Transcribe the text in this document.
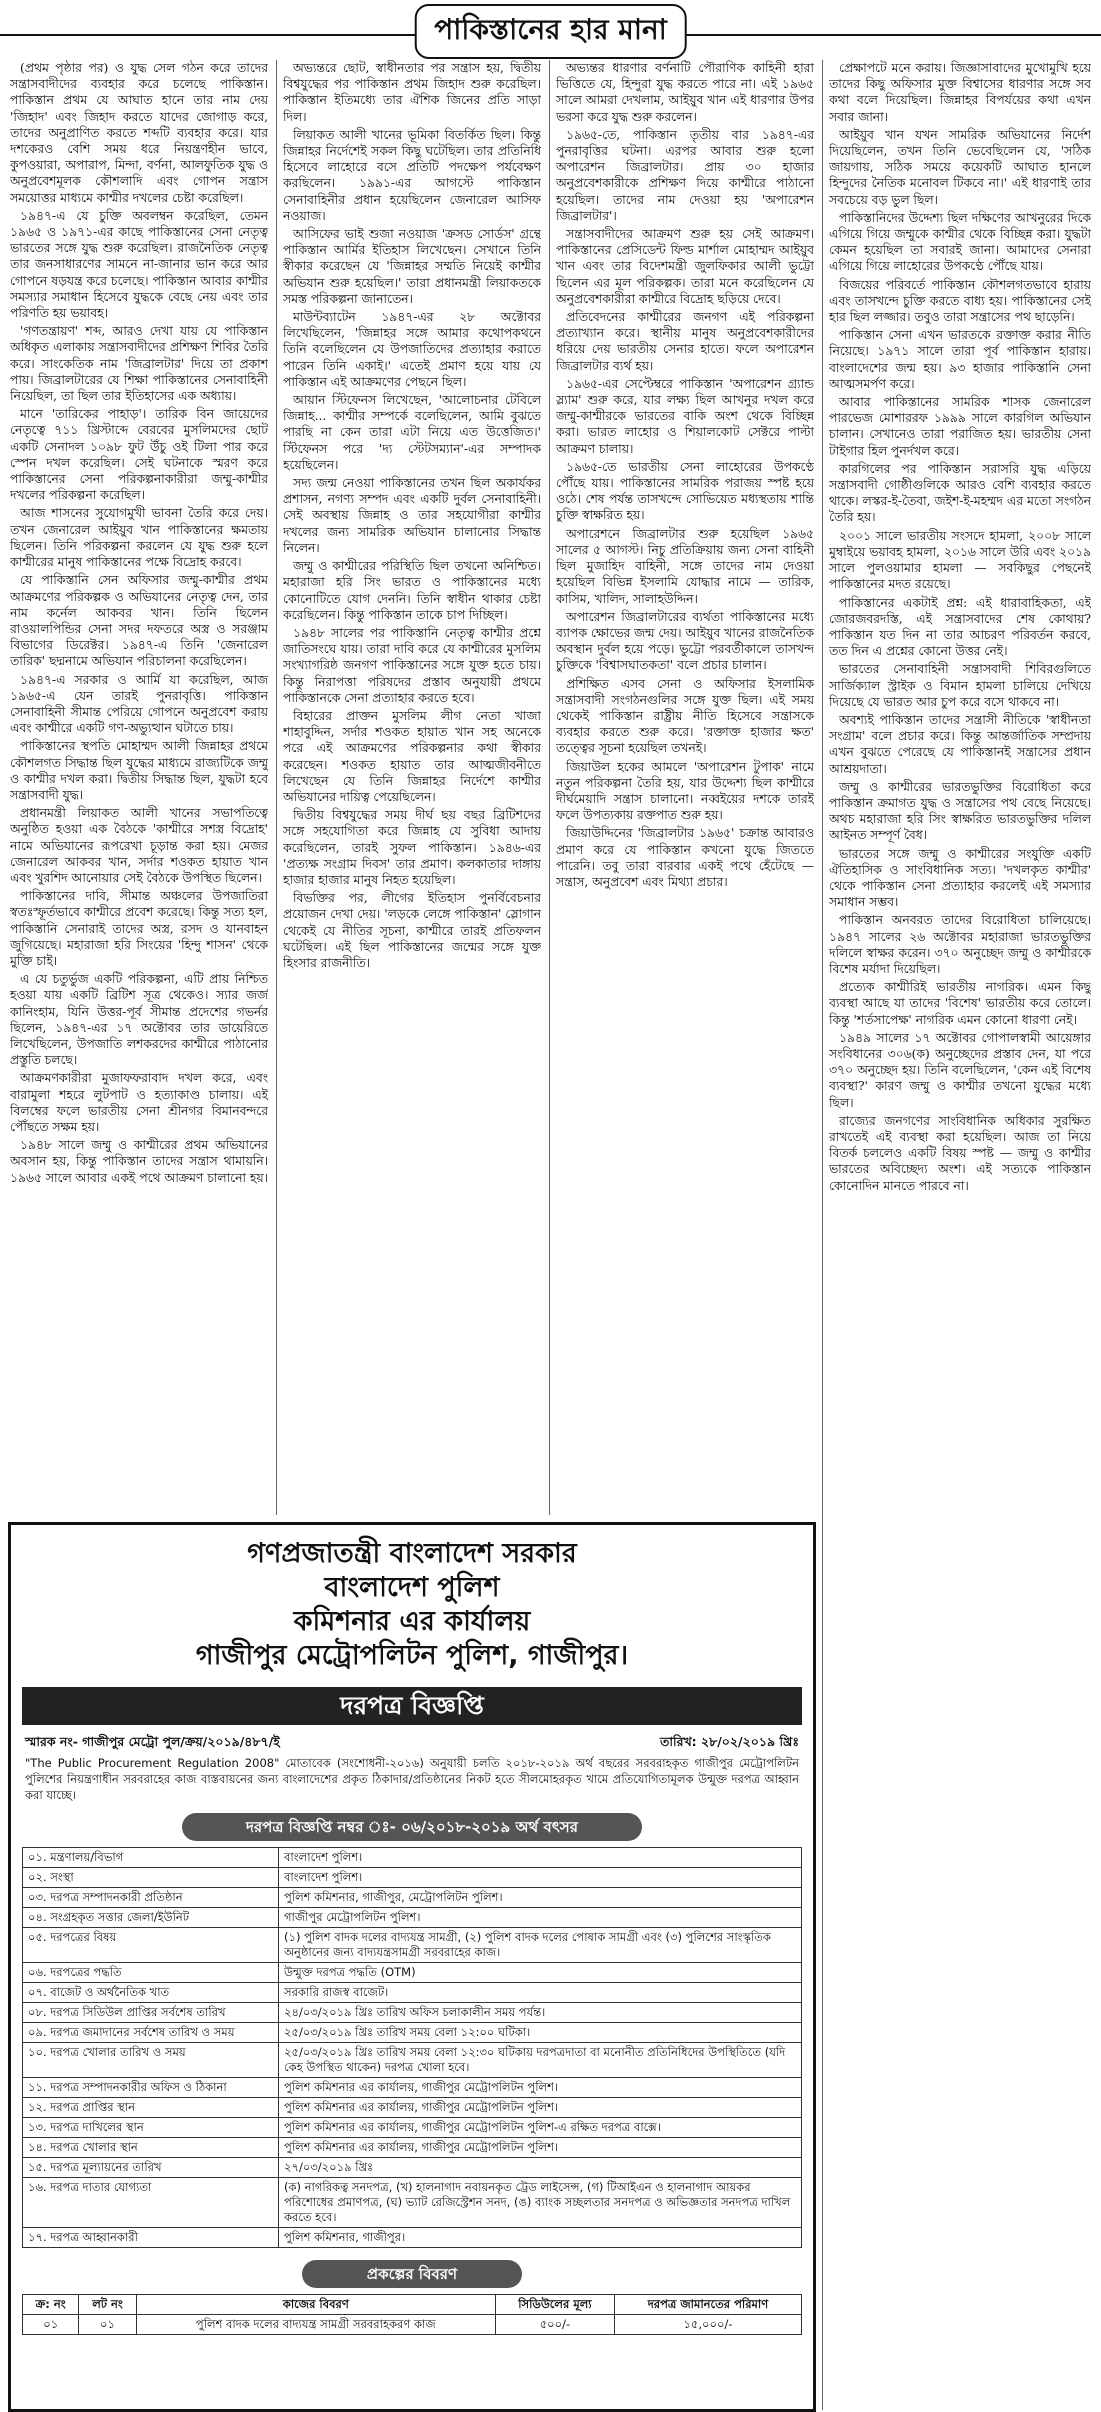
পাকিস্তানের হার মানা

(প্রথম পৃষ্ঠার পর) ও যুদ্ধ সেল গঠন করে তাদের সন্ত্রাসবাদীদের ব্যবহার করে চলেছে পাকিস্তান। পাকিস্তান প্রথম যে আঘাত হানে তার নাম দেয় 'জিহাদ' এবং জিহাদ করতে যাদের জোগাড় করে, তাদের অনুপ্রাণিত করতে শব্দটি ব্যবহার করে। যার দশকেরও বেশি সময় ধরে নিয়ন্ত্রণহীন ভাবে, কুপওয়ারা, অপারাপ, মিন্দা, বর্ণনা, আলফুতিক যুদ্ধ ও অনুপ্রবেশমূলক কৌশলাদি এবং গোপন সন্ত্রাস সময়োত্তর মাধ্যমে কাশ্মীর দখলের চেষ্টা করেছিল।

১৯৪৭-এ যে চুক্তি অবলম্বন করেছিল, তেমন ১৯৬৫ ও ১৯৭১-এর কাছে পাকিস্তানের সেনা নেতৃত্ব ভারতের সঙ্গে যুদ্ধ শুরু করেছিল। রাজনৈতিক নেতৃত্ব তার জনসাধারণের সামনে না-জানার ভান করে আর গোপনে ষড়যন্ত্র করে চলেছে। পাকিস্তান আবার কাশ্মীর সমস্যার সমাধান হিসেবে যুদ্ধকে বেছে নেয় এবং তার পরিণতি হয় ভয়াবহ।

'গণতন্ত্রায়ণ' শব্দ, আরও দেখা যায় যে পাকিস্তান অধিকৃত এলাকায় সন্ত্রাসবাদীদের প্রশিক্ষণ শিবির তৈরি করে। সাংকেতিক নাম 'জিব্রালটার' দিয়ে তা প্রকাশ পায়। জিব্রালটারের যে শিক্ষা পাকিস্তানের সেনাবাহিনী নিয়েছিল, তা ছিল তার ইতিহাসের এক অধ্যায়।

মানে 'তারিকের পাহাড়'। তারিক বিন জায়েদের নেতৃত্বে ৭১১ খ্রিস্টাব্দে বেরবের মুসলিমদের ছোট একটি সেনাদল ১০৯৮ ফুট উঁচু ওই টিলা পার করে স্পেন দখল করেছিল। সেই ঘটনাকে স্মরণ করে পাকিস্তানের সেনা পরিকল্পনাকারীরা জম্মু-কাশ্মীর দখলের পরিকল্পনা করেছিল।

আজ শাসনের সুযোগমুখী ভাবনা তৈরি করে দেয়। তখন জেনারেল আইয়ুব খান পাকিস্তানের ক্ষমতায় ছিলেন। তিনি পরিকল্পনা করলেন যে যুদ্ধ শুরু হলে কাশ্মীরের মানুষ পাকিস্তানের পক্ষে বিদ্রোহ করবে।

যে পাকিস্তানি সেন অফিসার জম্মু-কাশ্মীর প্রথম আক্রমণের পরিকল্পক ও অভিযানের নেতৃত্ব দেন, তার নাম কর্নেল আকবর খান। তিনি ছিলেন রাওয়ালপিন্ডির সেনা সদর দফতরে অস্ত্র ও সরঞ্জাম বিভাগের ডিরেক্টর। ১৯৪৭-এ তিনি 'জেনারেল তারিক' ছদ্মনামে অভিযান পরিচালনা করেছিলেন।

১৯৪৭-এ সরকার ও আর্মি যা করেছিল, আজ ১৯৬৫-এ যেন তারই পুনরাবৃত্তি। পাকিস্তান সেনাবাহিনী সীমান্ত পেরিয়ে গোপনে অনুপ্রবেশ করায় এবং কাশ্মীরে একটি গণ-অভ্যুত্থান ঘটাতে চায়।

পাকিস্তানের স্থপতি মোহাম্মদ আলী জিন্নাহর প্রথমে কৌশলগত সিদ্ধান্ত ছিল যুদ্ধের মাধ্যমে রাজ্যটিকে জম্মু ও কাশ্মীর দখল করা। দ্বিতীয় সিদ্ধান্ত ছিল, যুদ্ধটা হবে সন্ত্রাসবাদী যুদ্ধ।

প্রধানমন্ত্রী লিয়াকত আলী খানের সভাপতিত্বে অনুষ্ঠিত হওয়া এক বৈঠকে 'কাশ্মীরে সশস্ত্র বিদ্রোহ' নামে অভিযানের রূপরেখা চূড়ান্ত করা হয়। মেজর জেনারেল আকবর খান, সর্দার শওকত হায়াত খান এবং খুরশিদ আনোয়ার সেই বৈঠকে উপস্থিত ছিলেন।

পাকিস্তানের দাবি, সীমান্ত অঞ্চলের উপজাতিরা স্বতঃস্ফূর্তভাবে কাশ্মীরে প্রবেশ করেছে। কিন্তু সত্য হল, পাকিস্তানি সেনারাই তাদের অস্ত্র, রসদ ও যানবাহন জুগিয়েছে। মহারাজা হরি সিংয়ের 'হিন্দু শাসন' থেকে মুক্তি চাই।

এ যে চতুর্ভুজ একটি পরিকল্পনা, এটি প্রায় নিশ্চিত হওয়া যায় একটি ব্রিটিশ সূত্র থেকেও। স্যার জর্জ কানিংহাম, যিনি উত্তর-পূর্ব সীমান্ত প্রদেশের গভর্নর ছিলেন, ১৯৪৭-এর ১৭ অক্টোবর তার ডায়েরিতে লিখেছিলেন, উপজাতি লশকরদের কাশ্মীরে পাঠানোর প্রস্তুতি চলছে।

আক্রমণকারীরা মুজাফফরাবাদ দখল করে, এবং বারামুলা শহরে লুটপাট ও হত্যাকাণ্ড চালায়। এই বিলম্বের ফলে ভারতীয় সেনা শ্রীনগর বিমানবন্দরে পৌঁছতে সক্ষম হয়।

১৯৪৮ সালে জম্মু ও কাশ্মীরের প্রথম অভিযানের অবসান হয়, কিন্তু পাকিস্তান তাদের সন্ত্রাস থামায়নি। ১৯৬৫ সালে আবার একই পথে আক্রমণ চালানো হয়।

অভ্যন্তরে ছোট, স্বাধীনতার পর সন্ত্রাস হয়, দ্বিতীয় বিশ্বযুদ্ধের পর পাকিস্তান প্রথম জিহাদ শুরু করেছিল। পাকিস্তান ইতিমধ্যে তার ঐশিক জিনের প্রতি সাড়া দিল।

লিয়াকত আলী খানের ভূমিকা বিতর্কিত ছিল। কিন্তু জিন্নাহর নির্দেশেই সকল কিছু ঘটেছিল। তার প্রতিনিধি হিসেবে লাহোরে বসে প্রতিটি পদক্ষেপ পর্যবেক্ষণ করছিলেন। ১৯৯১-এর আগস্টে পাকিস্তান সেনাবাহিনীর প্রধান হয়েছিলেন জেনারেল আসিফ নওয়াজ।

আসিফের ভাই শুজা নওয়াজ 'ক্রসড সোর্ডস' গ্রন্থে পাকিস্তান আর্মির ইতিহাস লিখেছেন। সেখানে তিনি স্বীকার করেছেন যে 'জিন্নাহর সম্মতি নিয়েই কাশ্মীর অভিযান শুরু হয়েছিল।' তারা প্রধানমন্ত্রী লিয়াকতকে সমস্ত পরিকল্পনা জানাতেন।

মাউন্টব্যাটেন ১৯৪৭-এর ২৮ অক্টোবর লিখেছিলেন, 'জিন্নাহর সঙ্গে আমার কথোপকথনে তিনি বলেছিলেন যে উপজাতিদের প্রত্যাহার করাতে পারেন তিনি একাই।' এতেই প্রমাণ হয়ে যায় যে পাকিস্তান এই আক্রমণের পেছনে ছিল।

আয়ান স্টিফেনস লিখেছেন, 'আলোচনার টেবিলে জিন্নাহ... কাশ্মীর সম্পর্কে বলেছিলেন, আমি বুঝতে পারছি না কেন তারা এটা নিয়ে এত উত্তেজিত।' স্টিফেনস পরে 'দ্য স্টেটসম্যান'-এর সম্পাদক হয়েছিলেন।

সদ্য জন্ম নেওয়া পাকিস্তানের তখন ছিল অকার্যকর প্রশাসন, নগণ্য সম্পদ এবং একটি দুর্বল সেনাবাহিনী। সেই অবস্থায় জিন্নাহ ও তার সহযোগীরা কাশ্মীর দখলের জন্য সামরিক অভিযান চালানোর সিদ্ধান্ত নিলেন।

জম্মু ও কাশ্মীরের পরিস্থিতি ছিল তখনো অনিশ্চিত। মহারাজা হরি সিং ভারত ও পাকিস্তানের মধ্যে কোনোটিতে যোগ দেননি। তিনি স্বাধীন থাকার চেষ্টা করেছিলেন। কিন্তু পাকিস্তান তাকে চাপ দিচ্ছিল।

১৯৪৮ সালের পর পাকিস্তানি নেতৃত্ব কাশ্মীর প্রশ্নে জাতিসংঘে যায়। তারা দাবি করে যে কাশ্মীরের মুসলিম সংখ্যাগরিষ্ঠ জনগণ পাকিস্তানের সঙ্গে যুক্ত হতে চায়। কিন্তু নিরাপত্তা পরিষদের প্রস্তাব অনুযায়ী প্রথমে পাকিস্তানকে সেনা প্রত্যাহার করতে হবে।

বিহারের প্রাক্তন মুসলিম লীগ নেতা খাজা শাহাবুদ্দিন, সর্দার শওকত হায়াত খান সহ অনেকে পরে এই আক্রমণের পরিকল্পনার কথা স্বীকার করেছেন। শওকত হায়াত তার আত্মজীবনীতে লিখেছেন যে তিনি জিন্নাহর নির্দেশে কাশ্মীর অভিযানের দায়িত্ব পেয়েছিলেন।

দ্বিতীয় বিশ্বযুদ্ধের সময় দীর্ঘ ছয় বছর ব্রিটিশদের সঙ্গে সহযোগিতা করে জিন্নাহ যে সুবিধা আদায় করেছিলেন, তারই সুফল পাকিস্তান। ১৯৪৬-এর 'প্রত্যক্ষ সংগ্রাম দিবস' তার প্রমাণ। কলকাতার দাঙ্গায় হাজার হাজার মানুষ নিহত হয়েছিল।

বিভক্তির পর, লীগের ইতিহাস পুনর্বিবেচনার প্রয়োজন দেখা দেয়। 'লড়কে লেঙ্গে পাকিস্তান' স্লোগান থেকেই যে নীতির সূচনা, কাশ্মীরে তারই প্রতিফলন ঘটেছিল। এই ছিল পাকিস্তানের জন্মের সঙ্গে যুক্ত হিংসার রাজনীতি।

অভ্যন্তর ধারণার বর্ণনাটি পৌরাণিক কাহিনী হারা ভিত্তিতে যে, হিন্দুরা যুদ্ধ করতে পারে না। এই ১৯৬৫ সালে আমরা দেখলাম, আইয়ুব খান এই ধারণার উপর ভরসা করে যুদ্ধ শুরু করলেন।

১৯৬৫-তে, পাকিস্তান তৃতীয় বার ১৯৪৭-এর পুনরাবৃত্তির ঘটনা। এরপর আবার শুরু হলো অপারেশন জিব্রালটার। প্রায় ৩০ হাজার অনুপ্রবেশকারীকে প্রশিক্ষণ দিয়ে কাশ্মীরে পাঠানো হয়েছিল। তাদের নাম দেওয়া হয় 'অপারেশন জিব্রালটার'।

সন্ত্রাসবাদীদের আক্রমণ শুরু হয় সেই আক্রমণ। পাকিস্তানের প্রেসিডেন্ট ফিল্ড মার্শাল মোহাম্মদ আইয়ুব খান এবং তার বিদেশমন্ত্রী জুলফিকার আলী ভুট্টো ছিলেন এর মূল পরিকল্পক। তারা মনে করেছিলেন যে অনুপ্রবেশকারীরা কাশ্মীরে বিদ্রোহ ছড়িয়ে দেবে।

প্রতিবেদনের কাশ্মীরের জনগণ এই পরিকল্পনা প্রত্যাখ্যান করে। স্থানীয় মানুষ অনুপ্রবেশকারীদের ধরিয়ে দেয় ভারতীয় সেনার হাতে। ফলে অপারেশন জিব্রালটার ব্যর্থ হয়।

১৯৬৫-এর সেপ্টেম্বরে পাকিস্তান 'অপারেশন গ্র্যান্ড স্ল্যাম' শুরু করে, যার লক্ষ্য ছিল আখনুর দখল করে জম্মু-কাশ্মীরকে ভারতের বাকি অংশ থেকে বিচ্ছিন্ন করা। ভারত লাহোর ও শিয়ালকোট সেক্টরে পাল্টা আক্রমণ চালায়।

১৯৬৫-তে ভারতীয় সেনা লাহোরের উপকণ্ঠে পৌঁছে যায়। পাকিস্তানের সামরিক পরাজয় স্পষ্ট হয়ে ওঠে। শেষ পর্যন্ত তাসখন্দে সোভিয়েত মধ্যস্থতায় শান্তি চুক্তি স্বাক্ষরিত হয়।

অপারেশনে জিব্রালটার শুরু হয়েছিল ১৯৬৫ সালের ৫ আগস্ট। নিচু প্রতিক্রিয়ায় জন্য সেনা বাহিনী ছিল মুজাহিদ বাহিনী, সঙ্গে তাদের নাম দেওয়া হয়েছিল বিভিন্ন ইসলামি যোদ্ধার নামে — তারিক, কাসিম, খালিদ, সালাহউদ্দিন।

অপারেশন জিব্রালটারের ব্যর্থতা পাকিস্তানের মধ্যে ব্যাপক ক্ষোভের জন্ম দেয়। আইয়ুব খানের রাজনৈতিক অবস্থান দুর্বল হয়ে পড়ে। ভুট্টো পরবর্তীকালে তাসখন্দ চুক্তিকে 'বিশ্বাসঘাতকতা' বলে প্রচার চালান।

প্রশিক্ষিত এসব সেনা ও অফিসার ইসলামিক সন্ত্রাসবাদী সংগঠনগুলির সঙ্গে যুক্ত ছিল। এই সময় থেকেই পাকিস্তান রাষ্ট্রীয় নীতি হিসেবে সন্ত্রাসকে ব্যবহার করতে শুরু করে। 'রক্তাক্ত হাজার ক্ষত' তত্ত্বের সূচনা হয়েছিল তখনই।

জিয়াউল হকের আমলে 'অপারেশন টুপাক' নামে নতুন পরিকল্পনা তৈরি হয়, যার উদ্দেশ্য ছিল কাশ্মীরে দীর্ঘমেয়াদি সন্ত্রাস চালানো। নব্বইয়ের দশকে তারই ফলে উপত্যকায় রক্তপাত শুরু হয়।

জিয়াউদ্দিনের 'জিব্রালটার ১৯৬৫' চক্রান্ত আবারও প্রমাণ করে যে পাকিস্তান কখনো যুদ্ধে জিততে পারেনি। তবু তারা বারবার একই পথে হেঁটেছে — সন্ত্রাস, অনুপ্রবেশ এবং মিথ্যা প্রচার।

প্রেক্ষাপটে মনে করায়। জিজ্ঞাসাবাদের মুখোমুখি হয়ে তাদের কিছু অফিসার মুক্ত বিশ্বাসের ধারণার সঙ্গে সব কথা বলে দিয়েছিল। জিন্নাহর বিপর্যয়ের কথা এখন সবার জানা।

আইয়ুব খান যখন সামরিক অভিযানের নির্দেশ দিয়েছিলেন, তখন তিনি ভেবেছিলেন যে, 'সঠিক জায়গায়, সঠিক সময়ে কয়েকটি আঘাত হানলে হিন্দুদের নৈতিক মনোবল টিকবে না।' এই ধারণাই তার সবচেয়ে বড় ভুল ছিল।

পাকিস্তানিদের উদ্দেশ্য ছিল দক্ষিণের আখনুরের দিকে এগিয়ে গিয়ে জম্মুকে কাশ্মীর থেকে বিচ্ছিন্ন করা। যুদ্ধটা কেমন হয়েছিল তা সবারই জানা। আমাদের সেনারা এগিয়ে গিয়ে লাহোরের উপকণ্ঠে পৌঁছে যায়।

বিজয়ের পরিবর্তে পাকিস্তান কৌশলগতভাবে হারায় এবং তাসখন্দে চুক্তি করতে বাধ্য হয়। পাকিস্তানের সেই হার ছিল লজ্জার। তবুও তারা সন্ত্রাসের পথ ছাড়েনি।

পাকিস্তান সেনা এখন ভারতকে রক্তাক্ত করার নীতি নিয়েছে। ১৯৭১ সালে তারা পূর্ব পাকিস্তান হারায়। বাংলাদেশের জন্ম হয়। ৯৩ হাজার পাকিস্তানি সেনা আত্মসমর্পণ করে।

আবার পাকিস্তানের সামরিক শাসক জেনারেল পারভেজ মোশাররফ ১৯৯৯ সালে কারগিল অভিযান চালান। সেখানেও তারা পরাজিত হয়। ভারতীয় সেনা টাইগার হিল পুনর্দখল করে।

কারগিলের পর পাকিস্তান সরাসরি যুদ্ধ এড়িয়ে সন্ত্রাসবাদী গোষ্ঠীগুলিকে আরও বেশি ব্যবহার করতে থাকে। লস্কর-ই-তৈবা, জইশ-ই-মহম্মদ এর মতো সংগঠন তৈরি হয়।

২০০১ সালে ভারতীয় সংসদে হামলা, ২০০৮ সালে মুম্বাইয়ে ভয়াবহ হামলা, ২০১৬ সালে উরি এবং ২০১৯ সালে পুলওয়ামার হামলা — সবকিছুর পেছনেই পাকিস্তানের মদত রয়েছে।

পাকিস্তানের একটাই প্রশ্ন: এই ধারাবাহিকতা, এই জোরজবরদস্তি, এই সন্ত্রাসবাদের শেষ কোথায়? পাকিস্তান যত দিন না তার আচরণ পরিবর্তন করবে, তত দিন এ প্রশ্নের কোনো উত্তর নেই।

ভারতের সেনাবাহিনী সন্ত্রাসবাদী শিবিরগুলিতে সার্জিক্যাল স্ট্রাইক ও বিমান হামলা চালিয়ে দেখিয়ে দিয়েছে যে ভারত আর চুপ করে বসে থাকবে না।

অবশ্যই পাকিস্তান তাদের সন্ত্রাসী নীতিকে 'স্বাধীনতা সংগ্রাম' বলে প্রচার করে। কিন্তু আন্তর্জাতিক সম্প্রদায় এখন বুঝতে পেরেছে যে পাকিস্তানই সন্ত্রাসের প্রধান আশ্রয়দাতা।

জম্মু ও কাশ্মীরের ভারতভুক্তির বিরোধিতা করে পাকিস্তান ক্রমাগত যুদ্ধ ও সন্ত্রাসের পথ বেছে নিয়েছে। অথচ মহারাজা হরি সিং স্বাক্ষরিত ভারতভুক্তির দলিল আইনত সম্পূর্ণ বৈধ।

ভারতের সঙ্গে জম্মু ও কাশ্মীরের সংযুক্তি একটি ঐতিহাসিক ও সাংবিধানিক সত্য। 'দখলকৃত কাশ্মীর' থেকে পাকিস্তান সেনা প্রত্যাহার করলেই এই সমস্যার সমাধান সম্ভব।

পাকিস্তান অনবরত তাদের বিরোধিতা চালিয়েছে। ১৯৪৭ সালের ২৬ অক্টোবর মহারাজা ভারতভুক্তির দলিলে স্বাক্ষর করেন। ৩৭০ অনুচ্ছেদ জম্মু ও কাশ্মীরকে বিশেষ মর্যাদা দিয়েছিল।

প্রত্যেক কাশ্মীরিই ভারতীয় নাগরিক। এমন কিছু ব্যবস্থা আছে যা তাদের 'বিশেষ' ভারতীয় করে তোলে। কিন্তু 'শর্তসাপেক্ষ' নাগরিক এমন কোনো ধারণা নেই।

১৯৪৯ সালের ১৭ অক্টোবর গোপালস্বামী আয়েঙ্গার সংবিধানের ৩০৬(ক) অনুচ্ছেদের প্রস্তাব দেন, যা পরে ৩৭০ অনুচ্ছেদ হয়। তিনি বলেছিলেন, 'কেন এই বিশেষ ব্যবস্থা?' কারণ জম্মু ও কাশ্মীর তখনো যুদ্ধের মধ্যে ছিল।

রাজ্যের জনগণের সাংবিধানিক অধিকার সুরক্ষিত রাখতেই এই ব্যবস্থা করা হয়েছিল। আজ তা নিয়ে বিতর্ক চললেও একটি বিষয় স্পষ্ট — জম্মু ও কাশ্মীর ভারতের অবিচ্ছেদ্য অংশ। এই সত্যকে পাকিস্তান কোনোদিন মানতে পারবে না।

গণপ্রজাতন্ত্রী বাংলাদেশ সরকার
বাংলাদেশ পুলিশ
কমিশনার এর কার্যালয়
গাজীপুর মেট্রোপলিটন পুলিশ, গাজীপুর।
দরপত্র বিজ্ঞপ্তি
স্মারক নং- গাজীপুর মেট্রো পুল/ক্রয়/২০১৯/৪৮৭/ই	তারিখ: ২৮/০২/২০১৯ খ্রিঃ
"The Public Procurement Regulation 2008" মোতাবেক (সংশোধনী-২০১৬) অনুযায়ী চলতি ২০১৮-২০১৯ অর্থ বছরের সরবরাহকৃত গাজীপুর মেট্রোপলিটন পুলিশের নিয়ন্ত্রণাধীন সরবরাহের কাজ বাস্তবায়নের জন্য বাংলাদেশের প্রকৃত ঠিকাদার/প্রতিষ্ঠানের নিকট হতে সীলমোহরকৃত খামে প্রতিযোগিতামূলক উন্মুক্ত দরপত্র আহ্বান করা যাচ্ছে।
দরপত্র বিজ্ঞপ্তি নম্বর ঃ- ০৬/২০১৮-২০১৯ অর্থ বৎসর
০১. মন্ত্রণালয়/বিভাগ	বাংলাদেশ পুলিশ।
০২. সংস্থা	বাংলাদেশ পুলিশ।
০৩. দরপত্র সম্পাদনকারী প্রতিষ্ঠান	পুলিশ কমিশনার, গাজীপুর, মেট্রোপলিটন পুলিশ।
০৪. সংগ্রহকৃত সত্তার জেলা/ইউনিট	গাজীপুর মেট্রোপলিটন পুলিশ।
০৫. দরপত্রের বিষয়	(১) পুলিশ বাদক দলের বাদ্যযন্ত্র সামগ্রী, (২) পুলিশ বাদক দলের পোষাক সামগ্রী এবং (৩) পুলিশের সাংস্কৃতিক অনুষ্ঠানের জন্য বাদ্যযন্ত্রসামগ্রী সরবরাহের কাজ।
০৬. দরপত্রের পদ্ধতি	উন্মুক্ত দরপত্র পদ্ধতি (OTM)
০৭. বাজেট ও অর্থনৈতিক খাত	সরকারি রাজস্ব বাজেট।
০৮. দরপত্র সিডিউল প্রাপ্তির সর্বশেষ তারিখ	২৪/০৩/২০১৯ খ্রিঃ তারিখ অফিস চলাকালীন সময় পর্যন্ত।
০৯. দরপত্র জমাদানের সর্বশেষ তারিখ ও সময়	২৫/০৩/২০১৯ খ্রিঃ তারিখ সময় বেলা ১২:০০ ঘটিকা।
১০. দরপত্র খোলার তারিখ ও সময়	২৫/০৩/২০১৯ খ্রিঃ তারিখ সময় বেলা ১২:৩০ ঘটিকায় দরপত্রদাতা বা মনোনীত প্রতিনিধিদের উপস্থিতিতে (যদি কেহ উপস্থিত থাকেন) দরপত্র খোলা হবে।
১১. দরপত্র সম্পাদনকারীর অফিস ও ঠিকানা	পুলিশ কমিশনার এর কার্যালয়, গাজীপুর মেট্রোপলিটন পুলিশ।
১২. দরপত্র প্রাপ্তির স্থান	পুলিশ কমিশনার এর কার্যালয়, গাজীপুর মেট্রোপলিটন পুলিশ।
১৩. দরপত্র দাখিলের স্থান	পুলিশ কমিশনার এর কার্যালয়, গাজীপুর মেট্রোপলিটন পুলিশ-এ রক্ষিত দরপত্র বাক্সে।
১৪. দরপত্র খোলার স্থান	পুলিশ কমিশনার এর কার্যালয়, গাজীপুর মেট্রোপলিটন পুলিশ।
১৫. দরপত্র মূল্যায়নের তারিখ	২৭/০৩/২০১৯ খ্রিঃ
১৬. দরপত্র দাতার যোগ্যতা	(ক) নাগরিকত্ব সনদপত্র, (খ) হালনাগাদ নবায়নকৃত ট্রেড লাইসেন্স, (গ) টিআইএন ও হালনাগাদ আয়কর পরিশোধের প্রমাণপত্র, (ঘ) ভ্যাট রেজিস্ট্রেশন সনদ, (ঙ) ব্যাংক সচ্ছলতার সনদপত্র ও অভিজ্ঞতার সনদপত্র দাখিল করতে হবে।
১৭. দরপত্র আহ্বানকারী	পুলিশ কমিশনার, গাজীপুর।
প্রকল্পের বিবরণ
ক্র: নং	লট নং	কাজের বিবরণ	সিডিউলের মূল্য	দরপত্র জামানতের পরিমাণ
০১	০১	পুলিশ বাদক দলের বাদ্যযন্ত্র সামগ্রী সরবরাহকরণ কাজ	৫০০/-	১৫,০০০/-
